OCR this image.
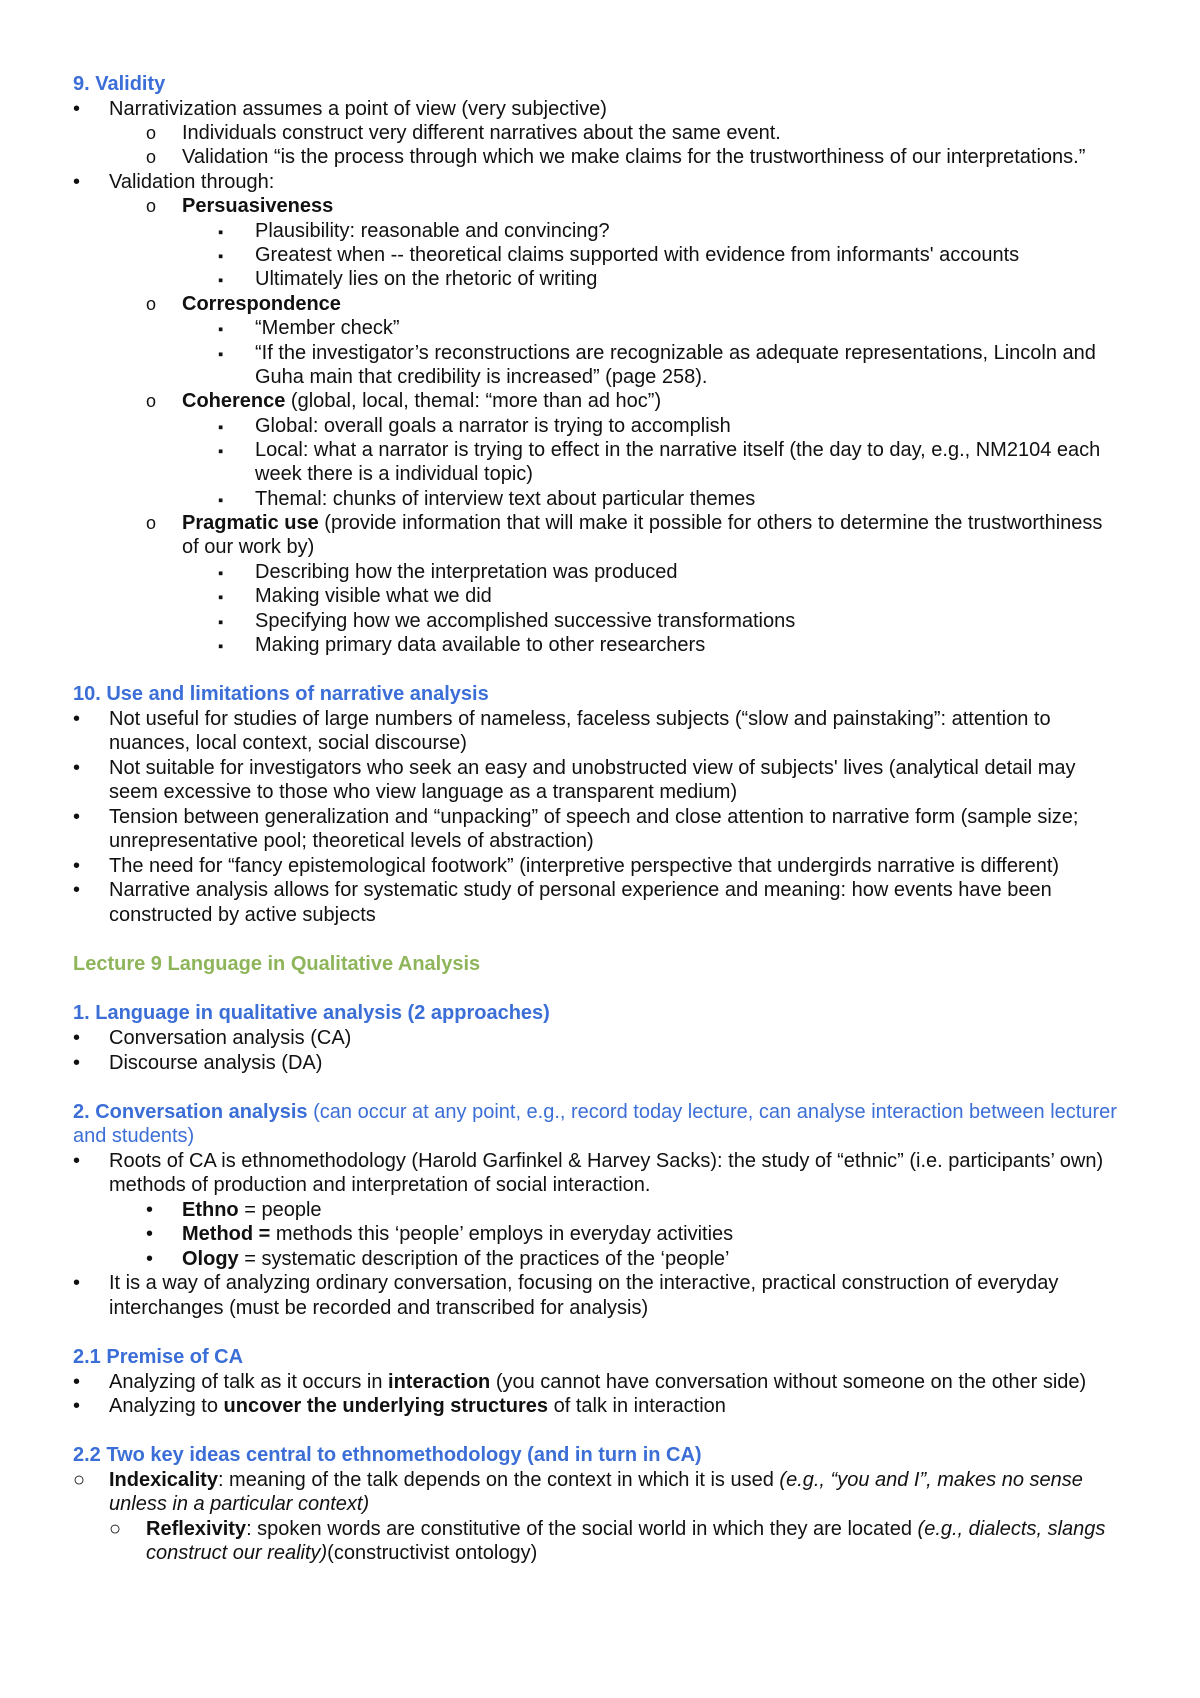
9. Validity
•
Narrativization assumes a point of view (very subjective)
o
Individuals construct very different narratives about the same event.
o
Validation “is the process through which we make claims for the trustworthiness of our interpretations.”
•
Validation through:
o
Persuasiveness
▪
Plausibility: reasonable and convincing?
▪
Greatest when -- theoretical claims supported with evidence from informants' accounts
▪
Ultimately lies on the rhetoric of writing
o
Correspondence
▪
“Member check”
▪
“If the investigator’s reconstructions are recognizable as adequate representations, Lincoln and
Guha main that credibility is increased” (page 258).
o
Coherence (global, local, themal: “more than ad hoc”)
▪
Global: overall goals a narrator is trying to accomplish
▪
Local: what a narrator is trying to effect in the narrative itself (the day to day, e.g., NM2104 each
week there is a individual topic)
▪
Themal: chunks of interview text about particular themes
o
Pragmatic use (provide information that will make it possible for others to determine the trustworthiness
of our work by)
▪
Describing how the interpretation was produced
▪
Making visible what we did
▪
Specifying how we accomplished successive transformations
▪
Making primary data available to other researchers
10. Use and limitations of narrative analysis
•
Not useful for studies of large numbers of nameless, faceless subjects (“slow and painstaking”: attention to
nuances, local context, social discourse)
•
Not suitable for investigators who seek an easy and unobstructed view of subjects' lives (analytical detail may
seem excessive to those who view language as a transparent medium)
•
Tension between generalization and “unpacking” of speech and close attention to narrative form (sample size;
unrepresentative pool; theoretical levels of abstraction)
•
The need for “fancy epistemological footwork” (interpretive perspective that undergirds narrative is different)
•
Narrative analysis allows for systematic study of personal experience and meaning: how events have been
constructed by active subjects
Lecture 9 Language in Qualitative Analysis
1. Language in qualitative analysis (2 approaches)
•
Conversation analysis (CA)
•
Discourse analysis (DA)
2. Conversation analysis (can occur at any point, e.g., record today lecture, can analyse interaction between lecturer
and students)
•
Roots of CA is ethnomethodology (Harold Garfinkel & Harvey Sacks): the study of “ethnic” (i.e. participants’ own)
methods of production and interpretation of social interaction.
•
Ethno = people
•
Method = methods this ‘people’ employs in everyday activities
•
Ology = systematic description of the practices of the ‘people’
•
It is a way of analyzing ordinary conversation, focusing on the interactive, practical construction of everyday
interchanges (must be recorded and transcribed for analysis)
2.1 Premise of CA
•
Analyzing of talk as it occurs in interaction (you cannot have conversation without someone on the other side)
•
Analyzing to uncover the underlying structures of talk in interaction
2.2 Two key ideas central to ethnomethodology (and in turn in CA)
○
Indexicality: meaning of the talk depends on the context in which it is used (e.g., “you and I”, makes no sense
unless in a particular context)
○
Reflexivity: spoken words are constitutive of the social world in which they are located (e.g., dialects, slangs
construct our reality)(constructivist ontology)
